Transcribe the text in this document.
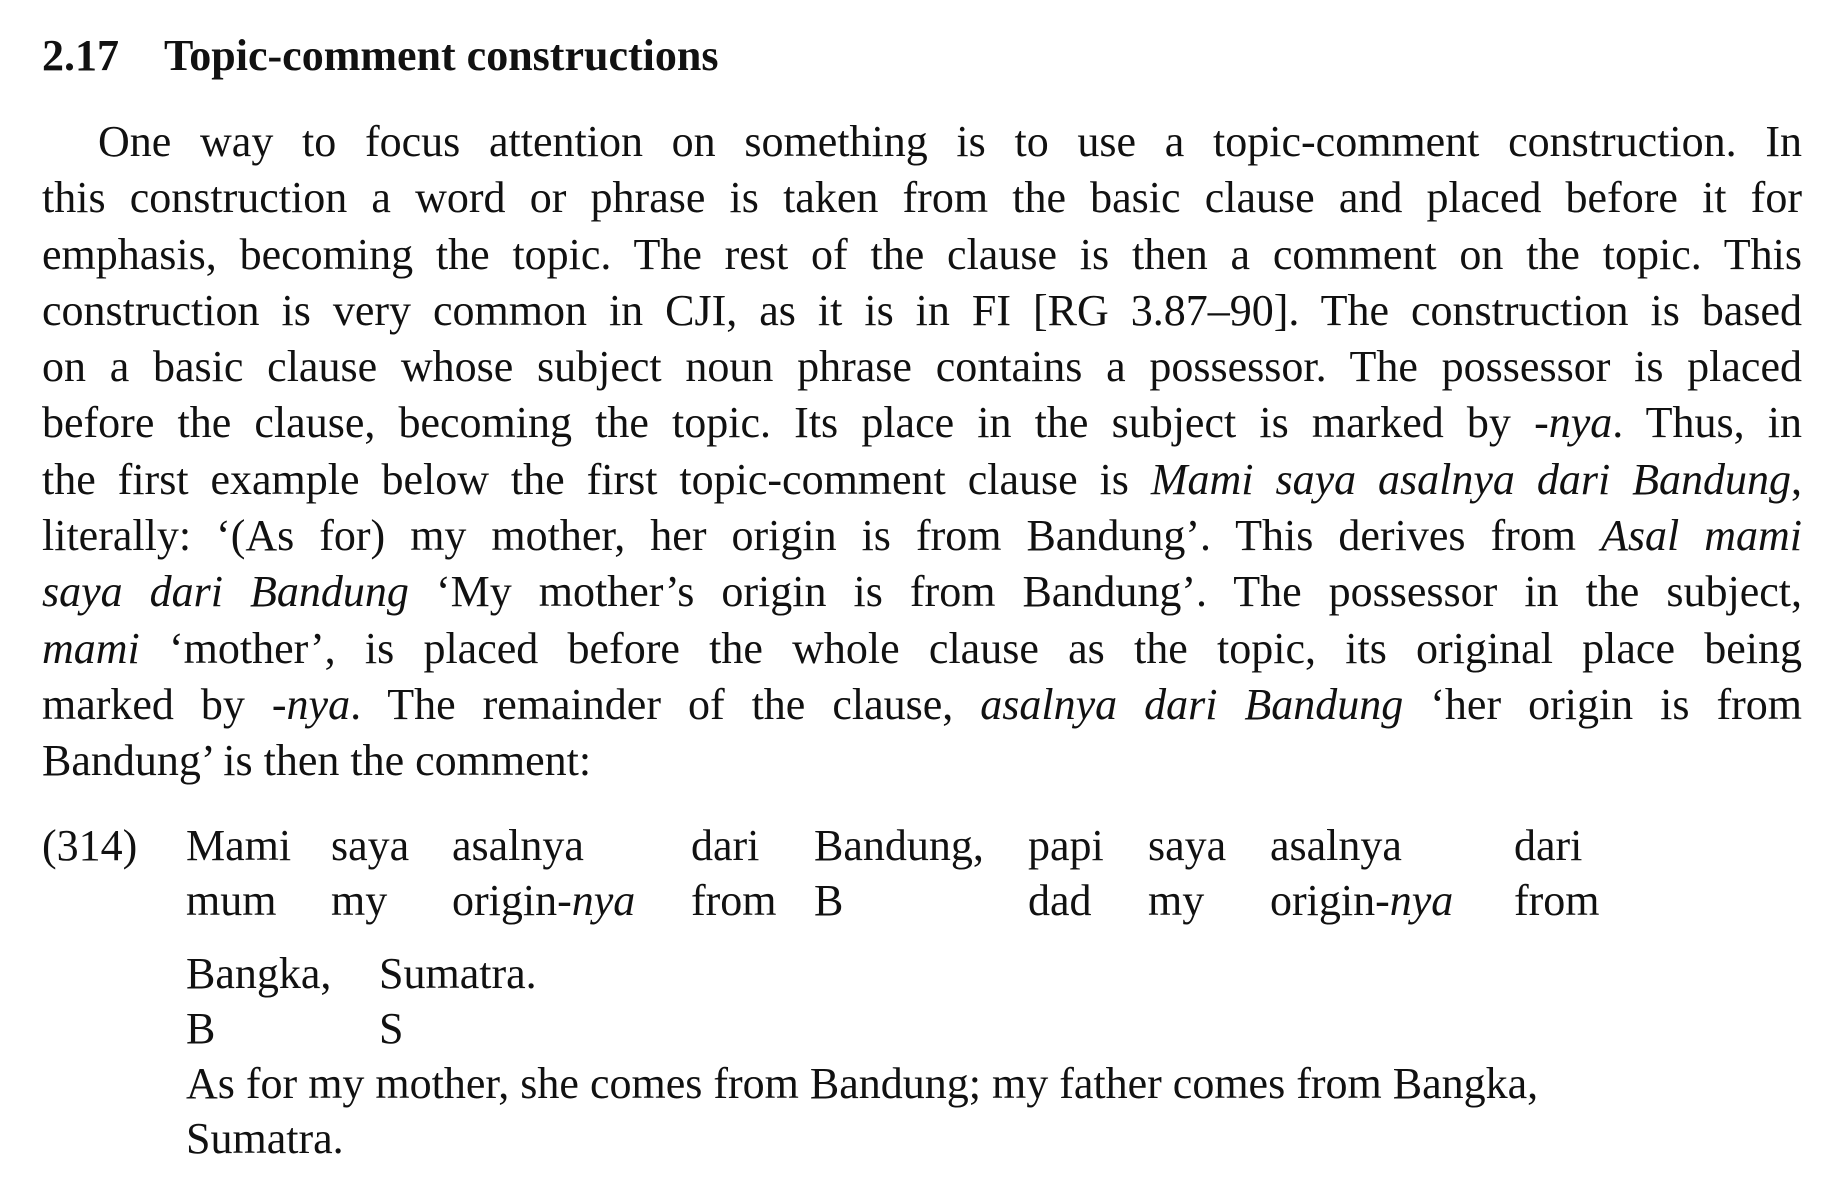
2.17 Topic-comment constructions
One way to focus attention on something is to use a topic-comment construction. In
this construction a word or phrase is taken from the basic clause and placed before it for
emphasis, becoming the topic. The rest of the clause is then a comment on the topic. This
construction is very common in CJI, as it is in FI [RG 3.87–90]. The construction is based
on a basic clause whose subject noun phrase contains a possessor. The possessor is placed
before the clause, becoming the topic. Its place in the subject is marked by -nya. Thus, in
the first example below the first topic-comment clause is Mami saya asalnya dari Bandung,
literally: ‘(As for) my mother, her origin is from Bandung’. This derives from Asal mami
saya dari Bandung ‘My mother’s origin is from Bandung’. The possessor in the subject,
mami ‘mother’, is placed before the whole clause as the topic, its original place being
marked by -nya. The remainder of the clause, asalnya dari Bandung ‘her origin is from
Bandung’ is then the comment:
(314) Mami
mum
saya
my
asalnya
origin-nya
dari
from
Bandung,
B
papi
dad
saya
my
asalnya
origin-nya
dari
from
Bangka,
B
Sumatra.
S
As for my mother, she comes from Bandung; my father comes from Bangka,
Sumatra.
